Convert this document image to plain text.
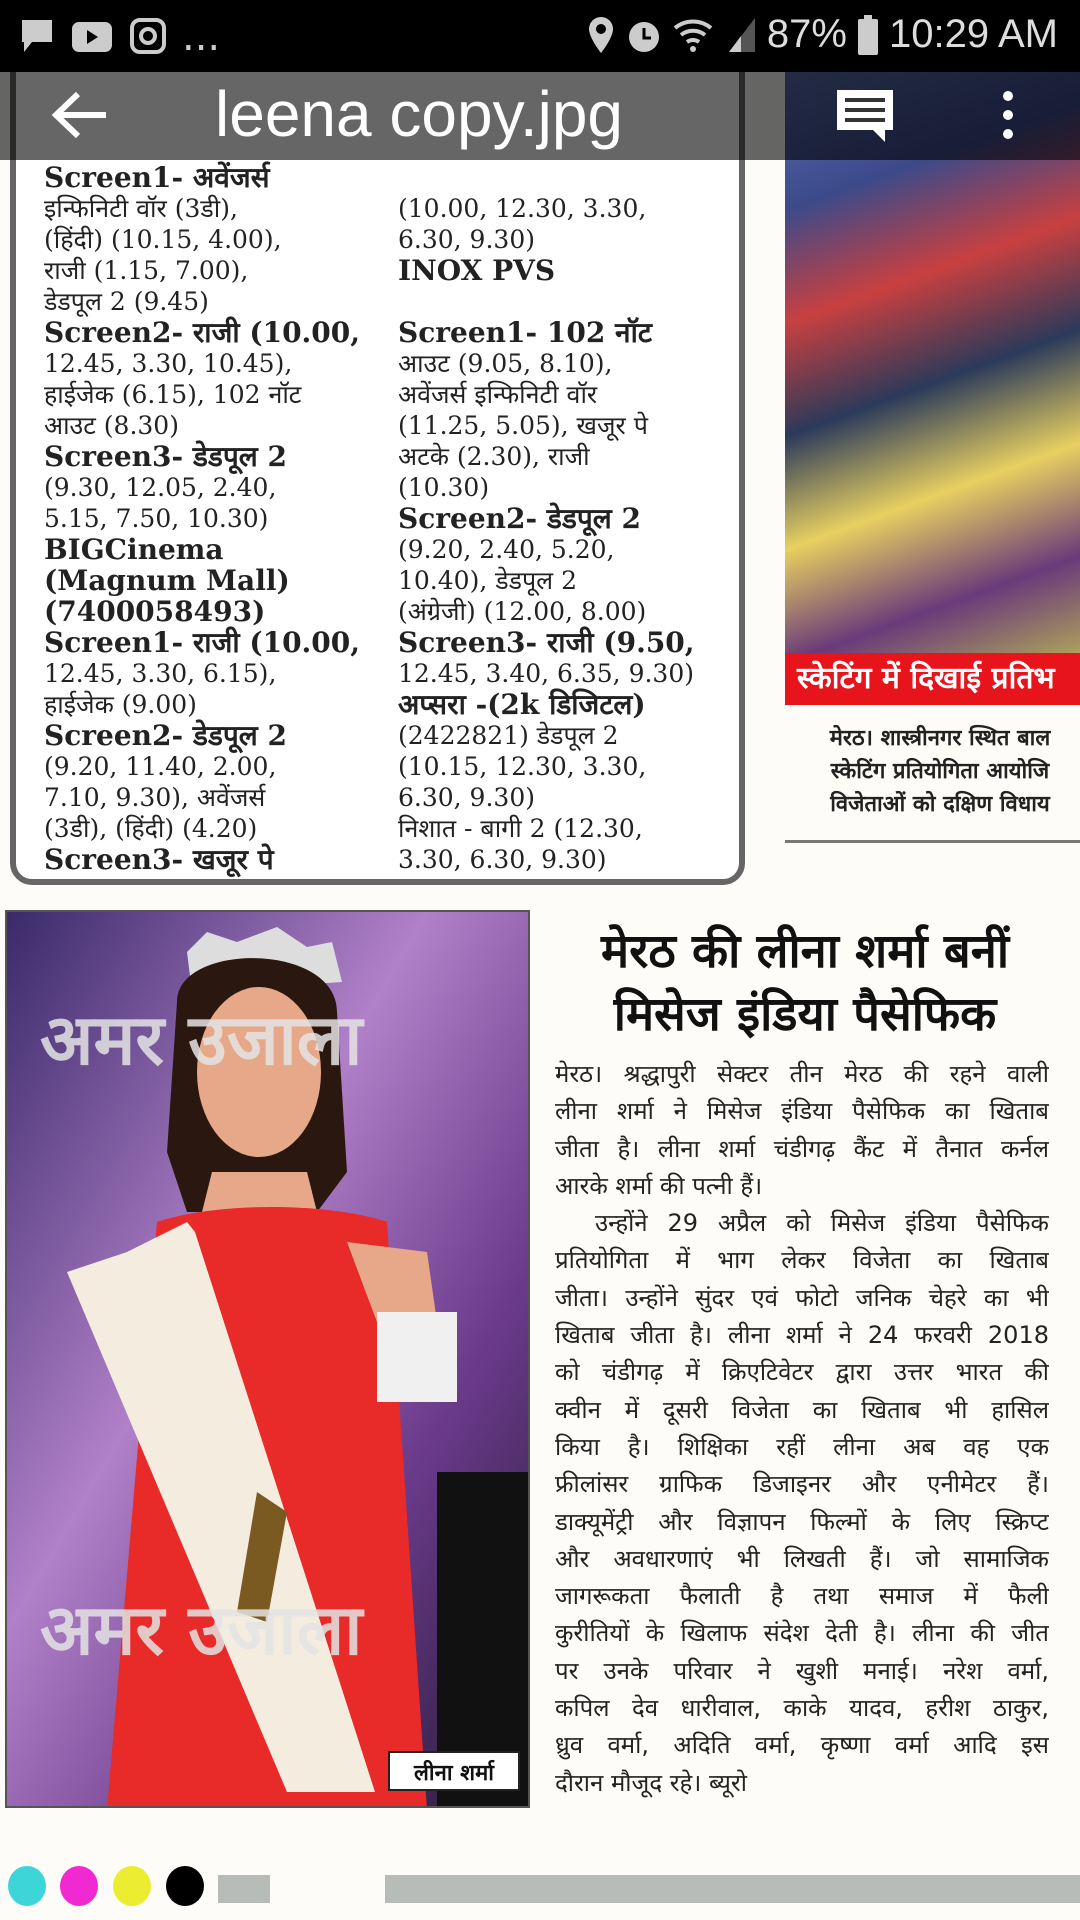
...	87% 10:29 AM
Screen1- अवेंजर्स
इन्फिनिटी वॉर (3डी),
(हिंदी) (10.15, 4.00),
राजी (1.15, 7.00),
डेडपूल 2 (9.45)
Screen2- राजी (10.00,
12.45, 3.30, 10.45),
हाईजेक (6.15), 102 नॉट
आउट (8.30)
Screen3- डेडपूल 2
(9.30, 12.05, 2.40,
5.15, 7.50, 10.30)
BIGCinema
(Magnum Mall)
(7400058493)
Screen1- राजी (10.00,
12.45, 3.30, 6.15),
हाईजेक (9.00)
Screen2- डेडपूल 2
(9.20, 11.40, 2.00,
7.10, 9.30), अवेंजर्स
(3डी), (हिंदी) (4.20)
Screen3- खजूर पे
(10.00, 12.30, 3.30,
6.30, 9.30)
INOX PVS

Screen1- 102 नॉट
आउट (9.05, 8.10),
अवेंजर्स इन्फिनिटी वॉर
(11.25, 5.05), खजूर पे
अटके (2.30), राजी
(10.30)
Screen2- डेडपूल 2
(9.20, 2.40, 5.20,
10.40), डेडपूल 2
(अंग्रेजी) (12.00, 8.00)
Screen3- राजी (9.50,
12.45, 3.40, 6.35, 9.30)
अप्सरा -(2k डिजिटल)
(2422821) डेडपूल 2
(10.15, 12.30, 3.30,
6.30, 9.30)
निशात - बागी 2 (12.30,
3.30, 6.30, 9.30)
स्केटिंग में दिखाई प्रतिभ
मेरठ। शास्त्रीनगर स्थित बाल
स्केटिंग प्रतियोगिता आयोजि
विजेताओं को दक्षिण विधाय
लीना शर्मा
अमर उजाला
अमर उजाला
मेरठ की लीना शर्मा बनीं
मिसेज इंडिया पैसेफिक
मेरठ। श्रद्धापुरी सेक्टर तीन मेरठ की रहने वाली
लीना शर्मा ने मिसेज इंडिया पैसेफिक का खिताब
जीता है। लीना शर्मा चंडीगढ़ कैंट में तैनात कर्नल
आरके शर्मा की पत्नी हैं।
उन्होंने 29 अप्रैल को मिसेज इंडिया पैसेफिक
प्रतियोगिता में भाग लेकर विजेता का खिताब
जीता। उन्होंने सुंदर एवं फोटो जनिक चेहरे का भी
खिताब जीता है। लीना शर्मा ने 24 फरवरी 2018
को चंडीगढ़ में क्रिएटिवेटर द्वारा उत्तर भारत की
क्वीन में दूसरी विजेता का खिताब भी हासिल
किया है। शिक्षिका रहीं लीना अब वह एक
फ्रीलांसर ग्राफिक डिजाइनर और एनीमेटर हैं।
डाक्यूमेंट्री और विज्ञापन फिल्मों के लिए स्क्रिप्ट
और अवधारणाएं भी लिखती हैं। जो सामाजिक
जागरूकता फैलाती है तथा समाज में फैली
कुरीतियों के खिलाफ संदेश देती है। लीना की जीत
पर उनके परिवार ने खुशी मनाई। नरेश वर्मा,
कपिल देव धारीवाल, काके यादव, हरीश ठाकुर,
ध्रुव वर्मा, अदिति वर्मा, कृष्णा वर्मा आदि इस
दौरान मौजूद रहे। ब्यूरो
leena copy.jpg
